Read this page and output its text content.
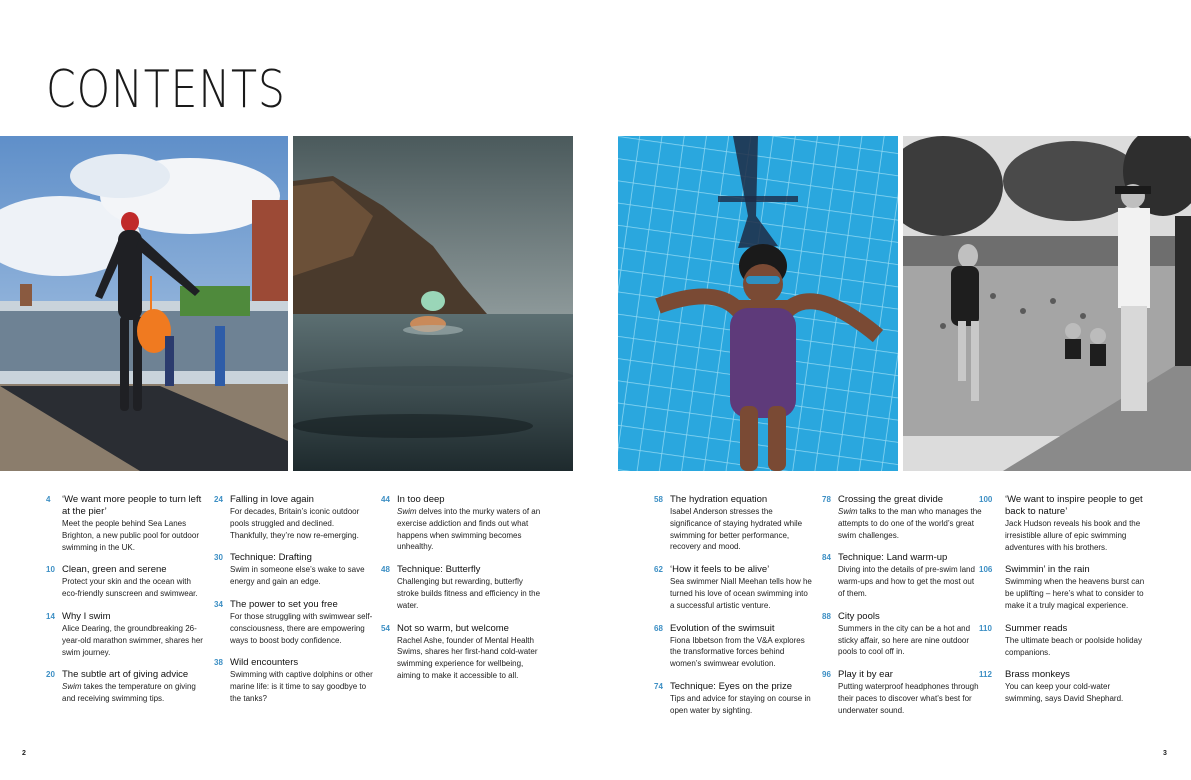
CONTENTS
4	‘We want more people to turn left at the pier’
Meet the people behind Sea Lanes Brighton, a new public pool for outdoor swimming in the UK.
10 Clean, green and serene
Protect your skin and the ocean with eco-friendly sunscreen and swimwear.
14 Why I swim
Alice Dearing, the groundbreaking 26-year-old marathon swimmer, shares her swim journey.
20 The subtle art of giving advice
Swim takes the temperature on giving and receiving swimming tips.
24 Falling in love again
For decades, Britain’s iconic outdoor pools struggled and declined. Thankfully, they’re now re-emerging.
30 Technique: Drafting
Swim in someone else’s wake to save energy and gain an edge.
34 The power to set you free
For those struggling with swimwear self-consciousness, there are empowering ways to boost body confidence.
38 Wild encounters
Swimming with captive dolphins or other marine life: is it time to say goodbye to the tanks?
44 In too deep
Swim delves into the murky waters of an exercise addiction and finds out what happens when swimming becomes unhealthy.
48 Technique: Butterfly
Challenging but rewarding, butterfly stroke builds fitness and efficiency in the water.
54 Not so warm, but welcome
Rachel Ashe, founder of Mental Health Swims, shares her first-hand cold-water swimming experience for wellbeing, aiming to make it accessible to all.
58 The hydration equation
Isabel Anderson stresses the significance of staying hydrated while swimming for better performance, recovery and mood.
62 ‘How it feels to be alive’
Sea swimmer Niall Meehan tells how he turned his love of ocean swimming into a successful artistic venture.
68 Evolution of the swimsuit
Fiona Ibbetson from the V&A explores the transformative forces behind women’s swimwear evolution.
74 Technique: Eyes on the prize
Tips and advice for staying on course in open water by sighting.
78 Crossing the great divide
Swim talks to the man who manages the attempts to do one of the world’s great swim challenges.
84 Technique: Land warm-up
Diving into the details of pre-swim land warm-ups and how to get the most out of them.
88 City pools
Summers in the city can be a hot and sticky affair, so here are nine outdoor pools to cool off in.
96 Play it by ear
Putting waterproof headphones through their paces to discover what’s best for underwater sound.
100	‘We want to inspire people to get back to nature’
Jack Hudson reveals his book and the irresistible allure of epic swimming adventures with his brothers.
106	Swimmin’ in the rain
Swimming when the heavens burst can be uplifting – here’s what to consider to make it a truly magical experience.
110	Summer reads
The ultimate beach or poolside holiday companions.
112	Brass monkeys
You can keep your cold-water swimming, says David Shephard.
2	3
